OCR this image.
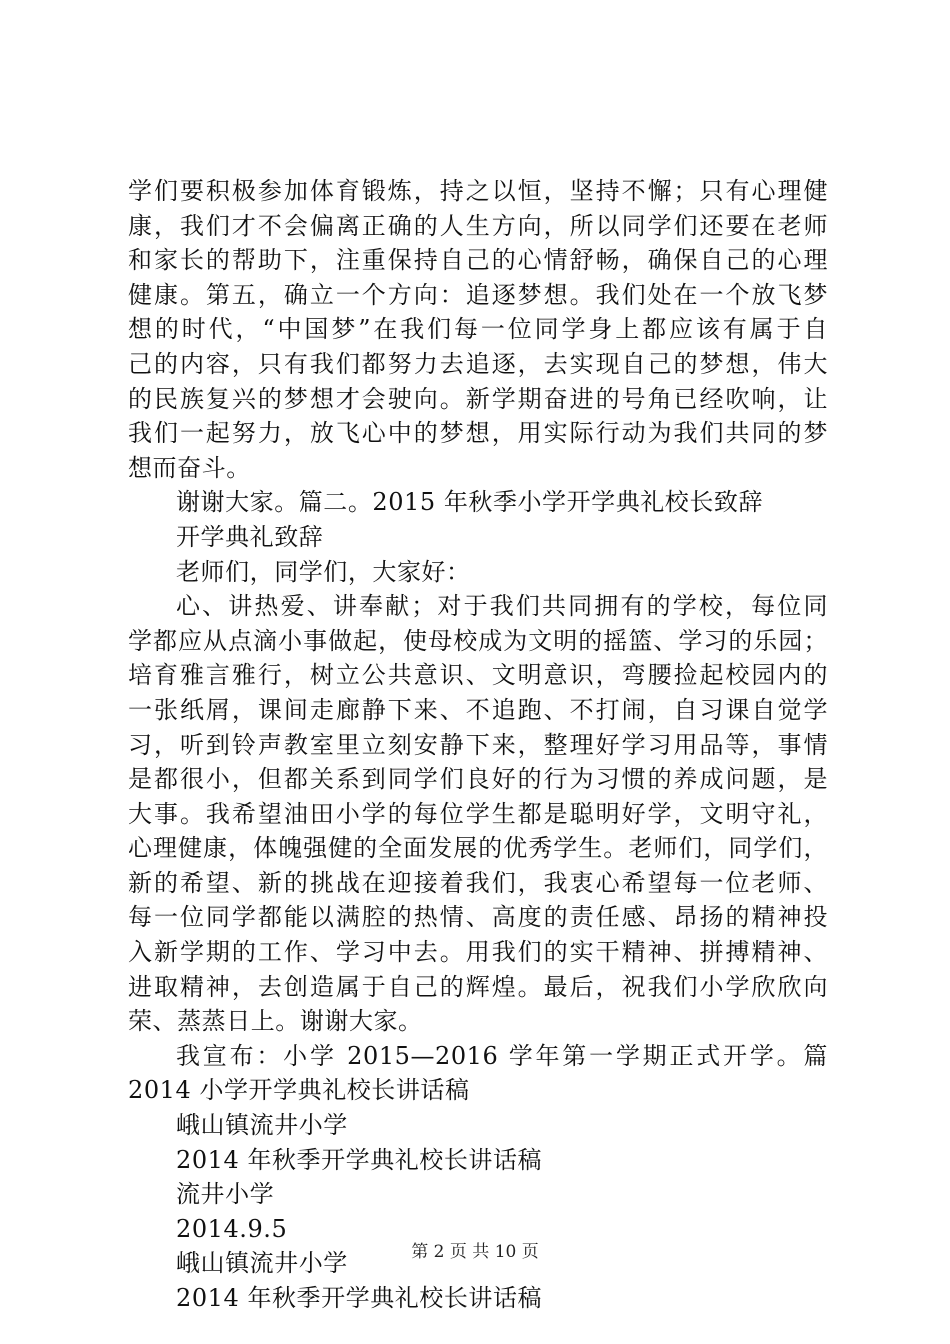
学们要积极参加体育锻炼，持之以恒，坚持不懈；只有心理健
康，我们才不会偏离正确的人生方向，所以同学们还要在老师
和家长的帮助下，注重保持自己的心情舒畅，确保自己的心理
健康。第五，确立一个方向：追逐梦想。我们处在一个放飞梦
想的时代，“中国梦”在我们每一位同学身上都应该有属于自
己的内容，只有我们都努力去追逐，去实现自己的梦想，伟大
的民族复兴的梦想才会驶向。新学期奋进的号角已经吹响，让
我们一起努力，放飞心中的梦想，用实际行动为我们共同的梦
想而奋斗。
谢谢大家。篇二。2015 年秋季小学开学典礼校长致辞
开学典礼致辞
老师们，同学们，大家好：
心、讲热爱、讲奉献；对于我们共同拥有的学校，每位同
学都应从点滴小事做起，使母校成为文明的摇篮、学习的乐园；
培育雅言雅行，树立公共意识、文明意识，弯腰捡起校园内的
一张纸屑，课间走廊静下来、不追跑、不打闹，自习课自觉学
习，听到铃声教室里立刻安静下来，整理好学习用品等，事情
是都很小，但都关系到同学们良好的行为习惯的养成问题，是
大事。我希望油田小学的每位学生都是聪明好学，文明守礼，
心理健康，体魄强健的全面发展的优秀学生。老师们，同学们，
新的希望、新的挑战在迎接着我们，我衷心希望每一位老师、
每一位同学都能以满腔的热情、高度的责任感、昂扬的精神投
入新学期的工作、学习中去。用我们的实干精神、拼搏精神、
进取精神，去创造属于自己的辉煌。最后，祝我们小学欣欣向
荣、蒸蒸日上。谢谢大家。
我宣布：小学 2015—2016 学年第一学期正式开学。篇
2014 小学开学典礼校长讲话稿
峨山镇流井小学
2014 年秋季开学典礼校长讲话稿
流井小学
2014.9.5
峨山镇流井小学
2014 年秋季开学典礼校长讲话稿
第 2 页 共 10 页
